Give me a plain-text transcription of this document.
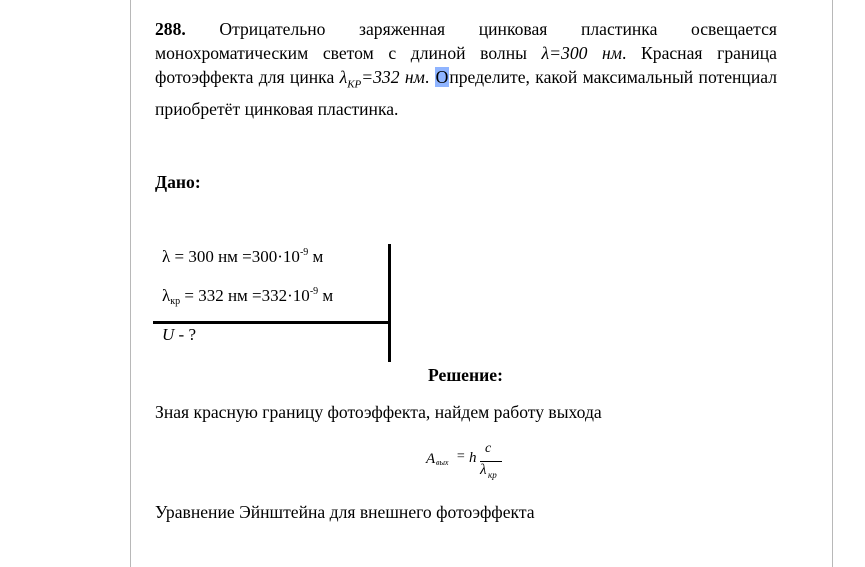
288. Отрицательно заряженная цинковая пластинка освещается монохроматическим светом с длиной волны λ=300 нм. Красная граница фотоэффекта для цинка $\lambda_{КР}=332$ нм. Определите, какой максимальный потенциал приобретёт цинковая пластинка.
Дано:
λ = 300 нм $=300\cdot 10^{-9}$ м
$\lambda_{кр} = 332$ нм $=332\cdot 10^{-9}$ м
U - ?
Решение:
Зная красную границу фотоэффекта, найдем работу выхода
A вых = h
c
λ кр
Уравнение Эйнштейна для внешнего фотоэффекта
